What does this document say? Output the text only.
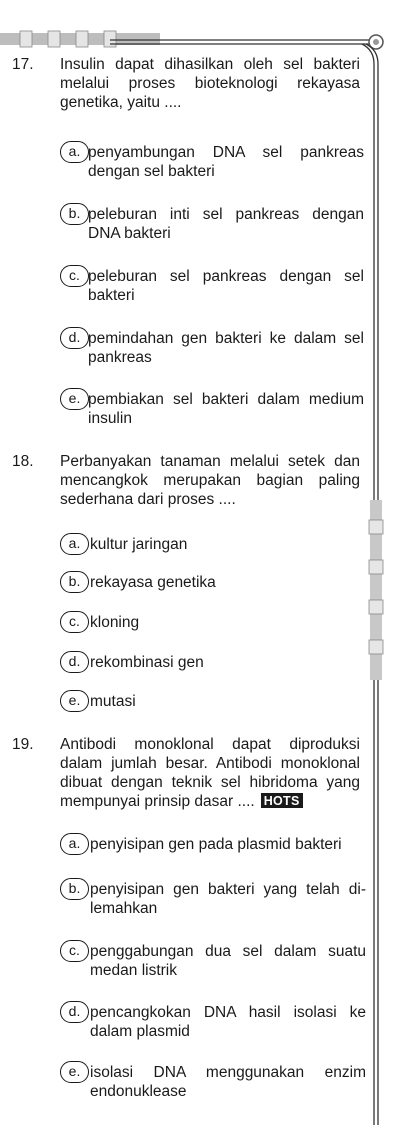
17. Insulin dapat dihasilkan oleh sel bakteri melalui proses bioteknologi rekayasa genetika, yaitu ....
a. penyambungan DNA sel pankreas dengan sel bakteri
b. peleburan inti sel pankreas dengan DNA bakteri
c. peleburan sel pankreas dengan sel bakteri
d. pemindahan gen bakteri ke dalam sel pankreas
e. pembiakan sel bakteri dalam medium insulin
18. Perbanyakan tanaman melalui setek dan mencangkok merupakan bagian paling sederhana dari proses ....
a. kultur jaringan
b. rekayasa genetika
c. kloning
d. rekombinasi gen
e. mutasi
19. Antibodi monoklonal dapat diproduksi dalam jumlah besar. Antibodi monoklonal dibuat dengan teknik sel hibridoma yang mempunyai prinsip dasar .... HOTS
a. penyisipan gen pada plasmid bakteri
b. penyisipan gen bakteri yang telah di-lemahkan
c. penggabungan dua sel dalam suatu medan listrik
d. pencangkokan DNA hasil isolasi ke dalam plasmid
e. isolasi DNA menggunakan enzim endonuklease
